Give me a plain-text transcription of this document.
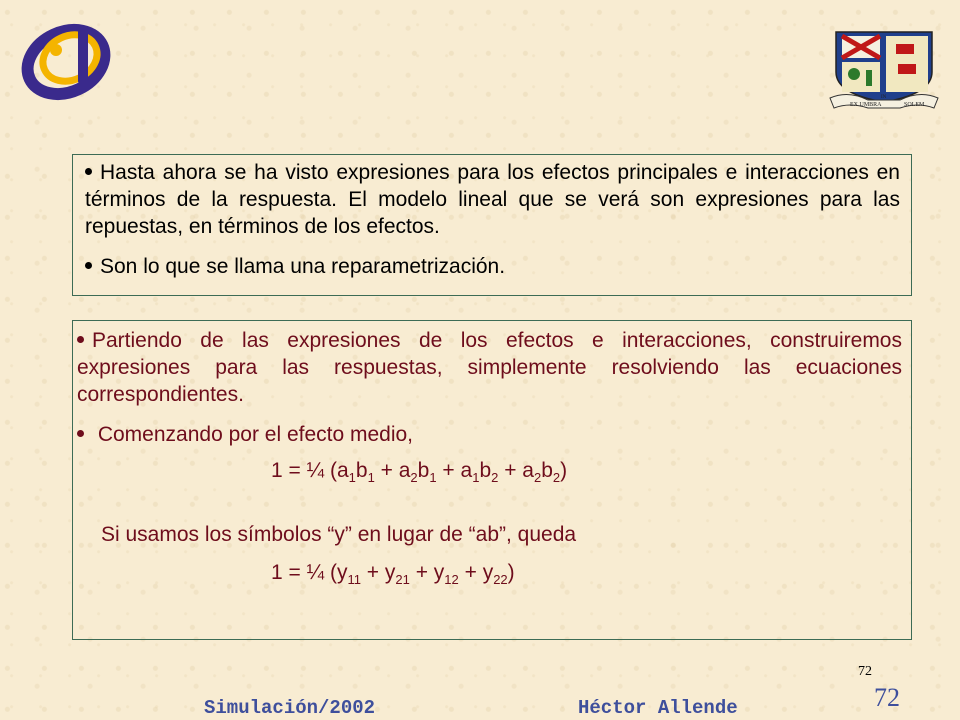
EX UMBRA
IN
SOLEM

Hasta ahora se ha visto expresiones para los efectos principales e interacciones en términos de la respuesta. El modelo lineal que se verá son expresiones para las repuestas, en términos de los efectos.

Son lo que se llama una reparametrización.

Partiendo de las expresiones de los efectos e interacciones, construiremos expresiones para las respuestas, simplemente resolviendo las ecuaciones correspondientes.

Comenzando por el efecto medio,

1 = ¼ $(a_1b_1 + a_2b_1 + a_1b_2 + a_2b_2)$
Si usamos los símbolos “y” en lugar de “ab”, queda
1 = ¼ $(y_{11} + y_{21} + y_{12} + y_{22})$
72
72
Simulación/2002	Héctor Allende
